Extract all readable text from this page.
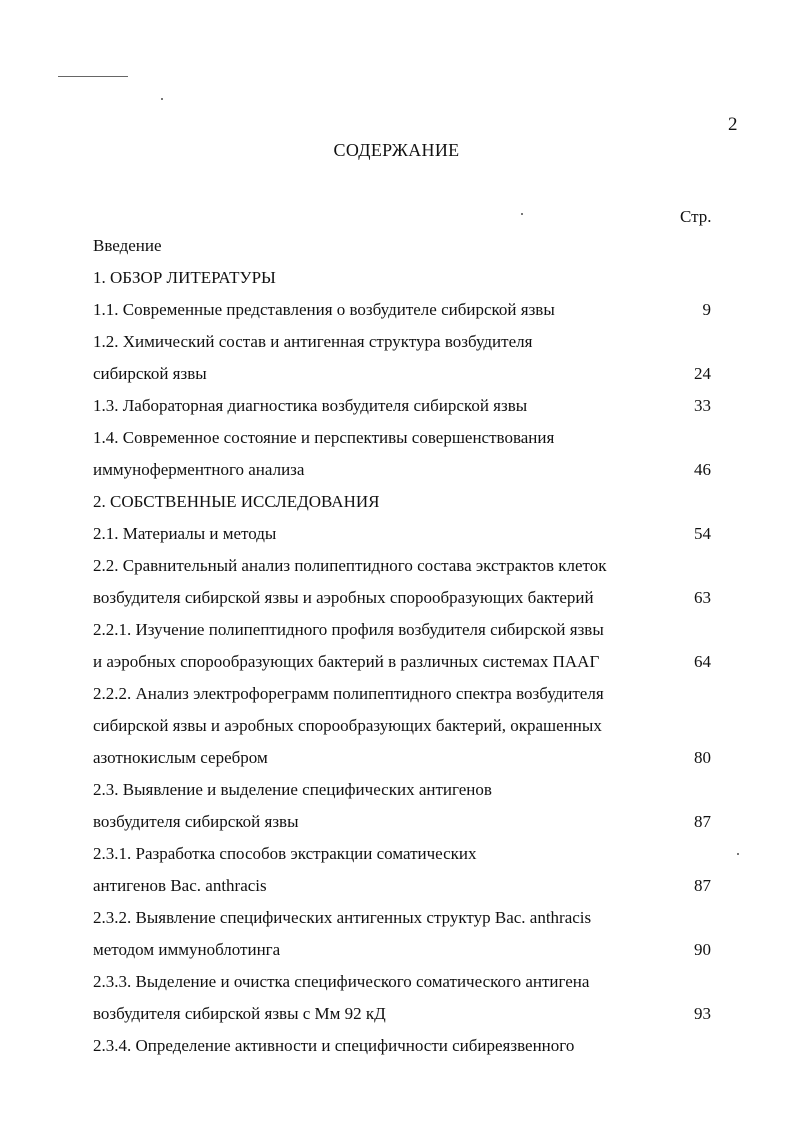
2
СОДЕРЖАНИЕ
Стр.
Введение
1. ОБЗОР ЛИТЕРАТУРЫ
1.1. Современные представления о возбудителе сибирской язвы	9
1.2. Химический состав и антигенная структура возбудителя
сибирской язвы	24
1.3. Лабораторная диагностика возбудителя сибирской язвы	33
1.4. Современное состояние и перспективы совершенствования
иммуноферментного анализа	46
2. СОБСТВЕННЫЕ ИССЛЕДОВАНИЯ
2.1. Материалы и методы	54
2.2. Сравнительный анализ полипептидного состава экстрактов клеток
возбудителя сибирской язвы и аэробных спорообразующих бактерий	63
2.2.1. Изучение полипептидного профиля возбудителя сибирской язвы
и аэробных спорообразующих бактерий в различных системах ПААГ	64
2.2.2. Анализ электрофореграмм полипептидного спектра возбудителя
сибирской язвы и аэробных спорообразующих бактерий, окрашенных
азотнокислым серебром	80
2.3. Выявление и выделение специфических антигенов
возбудителя сибирской язвы	87
2.3.1. Разработка способов экстракции соматических
антигенов Bac. anthracis	87
2.3.2. Выявление специфических антигенных структур Bac. anthracis
методом иммуноблотинга	90
2.3.3. Выделение и очистка специфического соматического антигена
возбудителя сибирской язвы с Мм 92 кД	93
2.3.4. Определение активности и специфичности сибиреязвенного
